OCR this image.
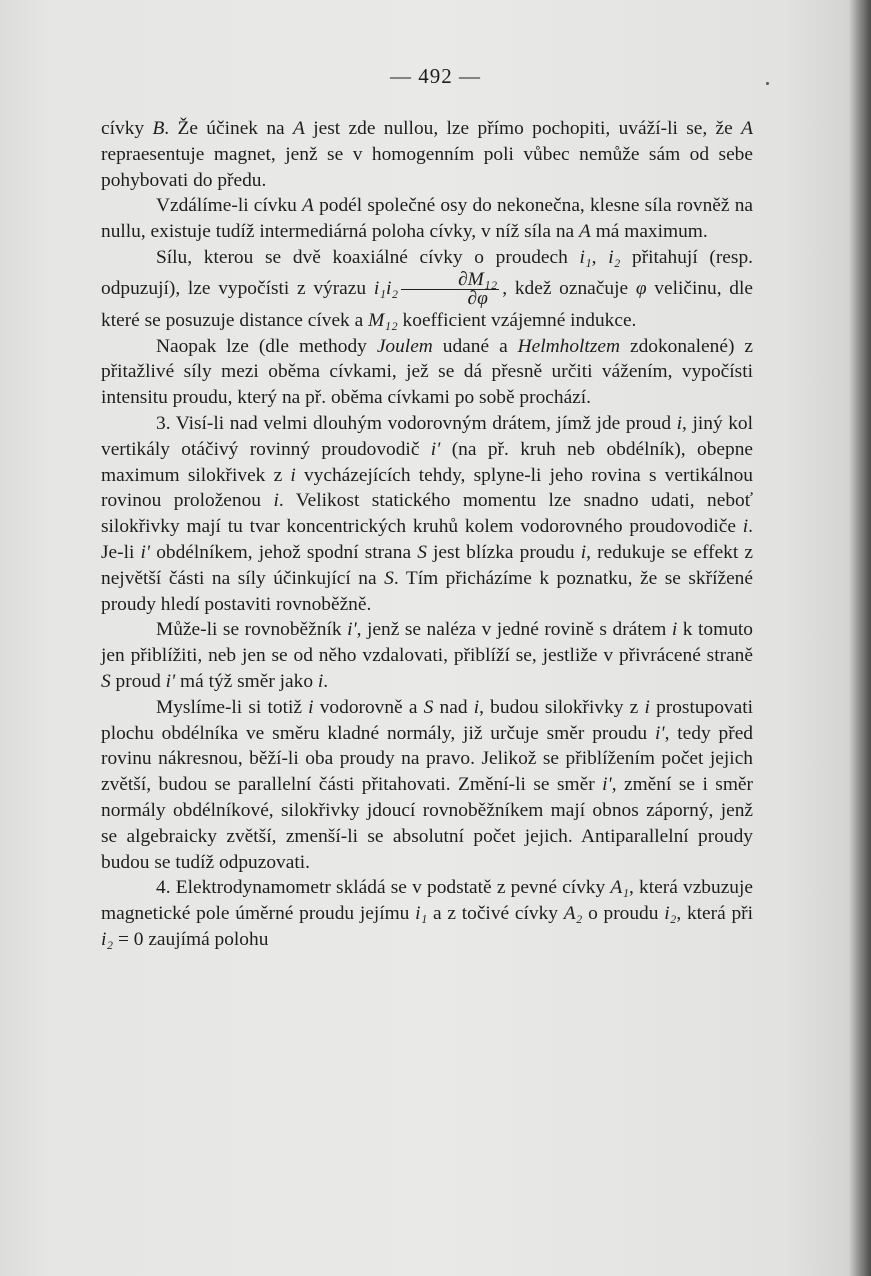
— 492 —

cívky B. Že účinek na A jest zde nullou, lze přímo pochopiti, uváží-li se, že A repraesentuje magnet, jenž se v homogenním poli vůbec nemůže sám od sebe pohybovati do předu.

Vzdálíme-li cívku A podél společné osy do nekonečna, klesne síla rovněž na nullu, existuje tudíž intermediárná poloha cívky, v níž síla na A má maximum.

Sílu, kterou se dvě koaxiálné cívky o proudech i₁, i₂ přitahují (resp. odpuzují), lze vypočísti z výrazu $i_1i_2 \frac{\text{∂M₁₂}}{\partial\varphi}$ , kdež označuje φ veličinu, dle které se posuzuje distance cívek a M₁₂ koefficient vzájemné indukce.

Naopak lze (dle methody Joulem udané a Helmholtzem zdokonalené) z přitažlivé síly mezi oběma cívkami, jež se dá přesně určiti vážením, vypočísti intensitu proudu, který na př. oběma cívkami po sobě prochází.

3. Visí-li nad velmi dlouhým vodorovným drátem, jímž jde proud i, jiný kol vertikály otáčivý rovinný proudovodič i' (na př. kruh neb obdélník), obepne maximum silokřivek z i vycházejících tehdy, splyne-li jeho rovina s vertikálnou rovinou proloženou i. Velikost statického momentu lze snadno udati, neboť silokřivky mají tu tvar koncentrických kruhů kolem vodorovného proudovodiče i. Je-li i' obdélníkem, jehož spodní strana S jest blízka proudu i, redukuje se effekt z největší části na síly účinkující na S. Tím přicházíme k poznatku, že se skřížené proudy hledí postaviti rovnoběžně.

Může-li se rovnoběžník i', jenž se naléza v jedné rovině s drátem i k tomuto jen přiblížiti, neb jen se od něho vzdalovati, přiblíží se, jestliže v přivrácené straně S proud i' má týž směr jako i.

Myslíme-li si totiž i vodorovně a S nad i, budou silokřivky z i prostupovati plochu obdélníka ve směru kladné normály, již určuje směr proudu i', tedy před rovinu nákresnou, běží-li oba proudy na pravo. Jelikož se přiblížením počet jejich zvětší, budou se parallelní části přitahovati. Změní-li se směr i', změní se i směr normály obdélníkové, silokřivky jdoucí rovnoběžníkem mají obnos záporný, jenž se algebraicky zvětší, zmenší-li se absolutní počet jejich. Antiparallelní proudy budou se tudíž odpuzovati.

4. Elektrodynamometr skládá se v podstatě z pevné cívky A₁, která vzbuzuje magnetické pole úměrné proudu jejímu i₁ a z točivé cívky A₂ o proudu i₂, která při i₂ = 0 zaujímá polohu
